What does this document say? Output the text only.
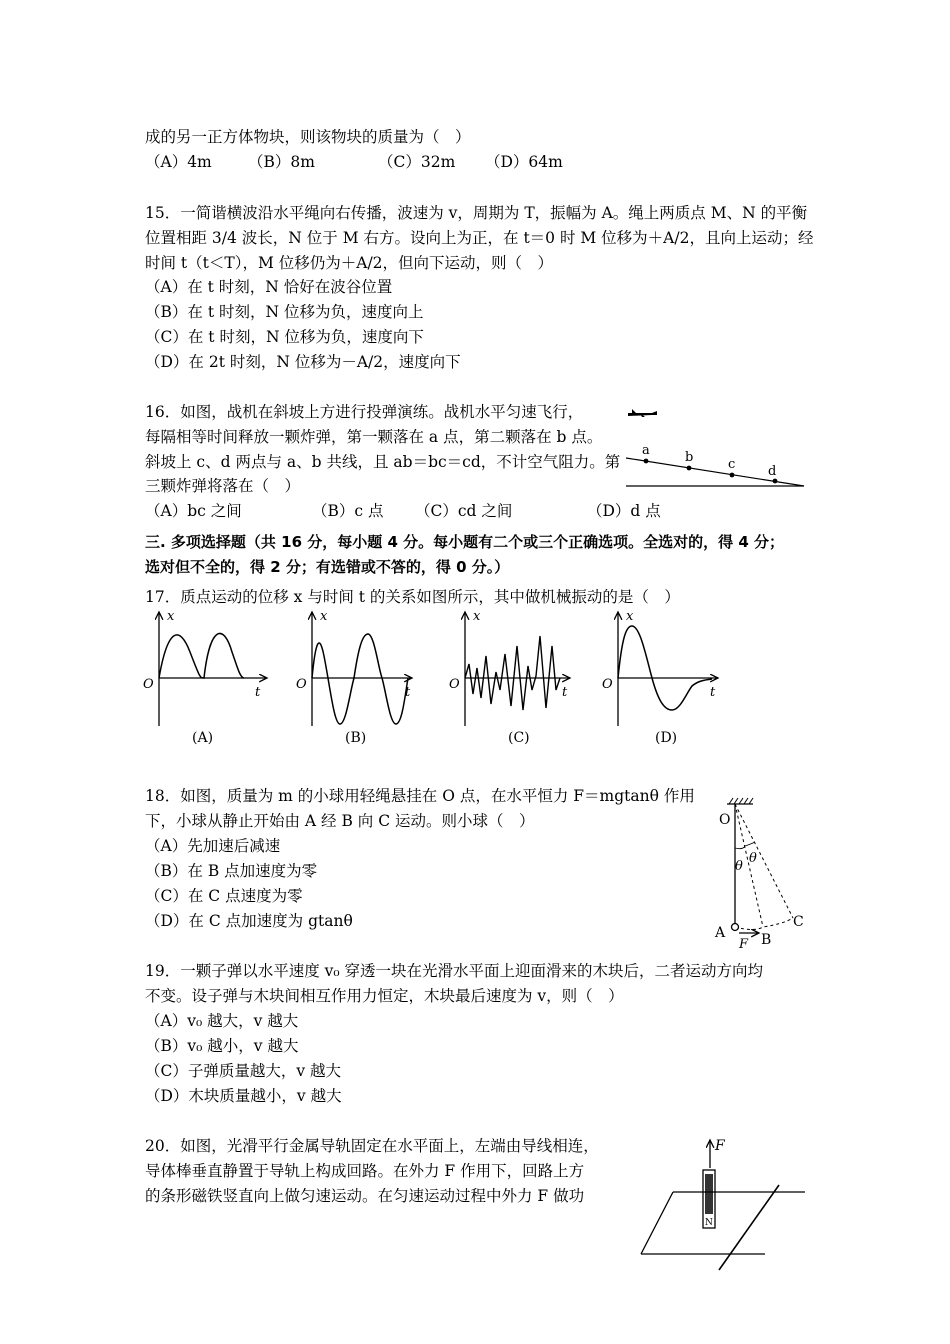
成的另一正方体物块，则该物块的质量为（　）
（A）4m （B）8m	（C）32m （D）64m
15．一简谐横波沿水平绳向右传播，波速为 v，周期为 T，振幅为 A。绳上两质点 M、N 的平衡
位置相距 3/4 波长，N 位于 M 右方。设向上为正，在 t＝0 时 M 位移为＋A/2，且向上运动；经
时间 t（t＜T），M 位移仍为＋A/2，但向下运动，则（　）
（A）在 t 时刻，N 恰好在波谷位置
（B）在 t 时刻，N 位移为负，速度向上
（C）在 t 时刻，N 位移为负，速度向下
（D）在 2t 时刻，N 位移为－A/2，速度向下
16．如图，战机在斜坡上方进行投弹演练。战机水平匀速飞行，
每隔相等时间释放一颗炸弹，第一颗落在 a 点，第二颗落在 b 点。
斜坡上 c、d 两点与 a、b 共线，且 ab＝bc＝cd，不计空气阻力。第
三颗炸弹将落在（　）
（A）bc 之间	（B）c 点 （C）cd 之间	（D）d 点
a	b	c	d
三. 多项选择题（共 16 分，每小题 4 分。每小题有二个或三个正确选项。全选对的，得 4 分；
选对但不全的，得 2 分；有选错或不答的，得 0 分。）
17．质点运动的位移 x 与时间 t 的关系如图所示，其中做机械振动的是（　）
x
O
t
(A)
x
O
t
(B)
x
O
t
(C)
x
O
t
(D)
18．如图，质量为 m 的小球用轻绳悬挂在 O 点，在水平恒力 F＝mgtanθ 作用
下，小球从静止开始由 A 经 B 向 C 运动。则小球（　）
（A）先加速后减速
（B）在 B 点加速度为零
（C）在 C 点速度为零
（D）在 C 点加速度为 gtanθ
O
θ
θ
A	B
C
F
19．一颗子弹以水平速度 v₀ 穿透一块在光滑水平面上迎面滑来的木块后，二者运动方向均
不变。设子弹与木块间相互作用力恒定，木块最后速度为 v，则（　）
（A）v₀ 越大，v 越大
（B）v₀ 越小，v 越大
（C）子弹质量越大，v 越大
（D）木块质量越小，v 越大
20．如图，光滑平行金属导轨固定在水平面上，左端由导线相连，
导体棒垂直静置于导轨上构成回路。在外力 F 作用下，回路上方
的条形磁铁竖直向上做匀速运动。在匀速运动过程中外力 F 做功
F
N
